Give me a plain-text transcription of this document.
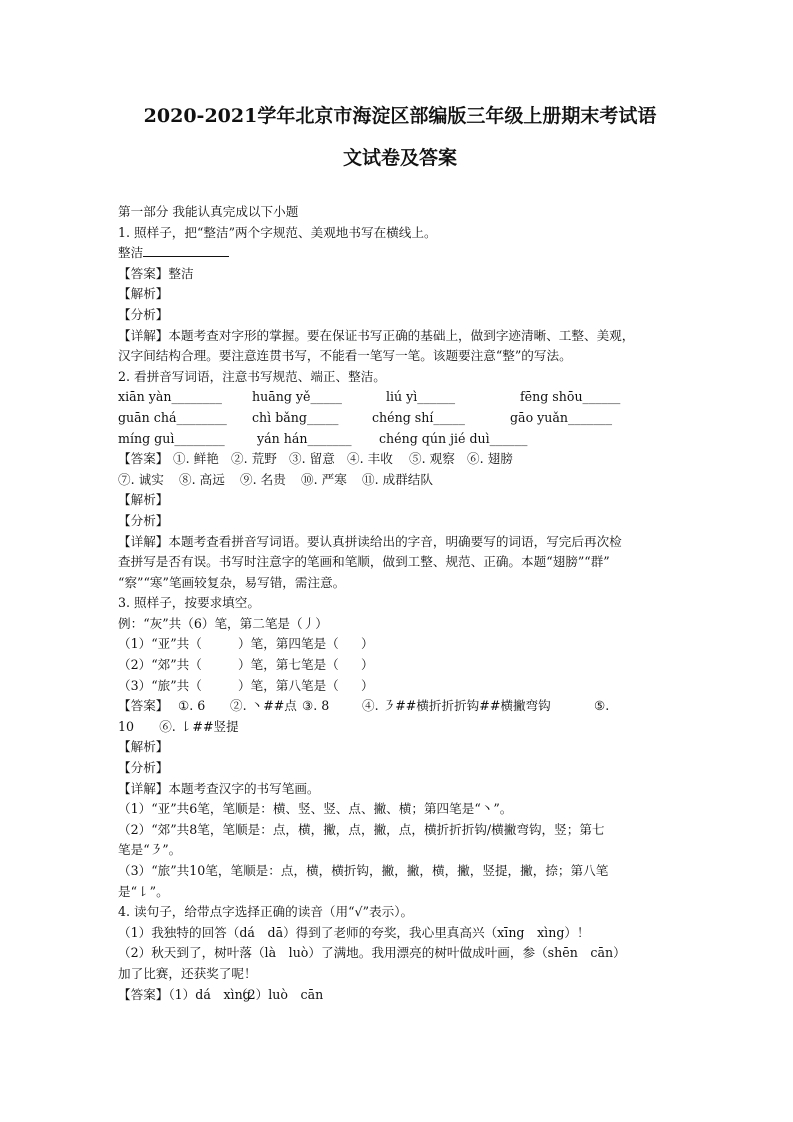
2020-2021学年北京市海淀区部编版三年级上册期末考试语
文试卷及答案
第一部分 我能认真完成以下小题
1. 照样子，把“整洁”两个字规范、美观地书写在横线上。
整洁
【答案】整洁
【解析】
【分析】
【详解】本题考查对字形的掌握。要在保证书写正确的基础上，做到字迹清晰、工整、美观，
汉字间结构合理。要注意连贯书写，不能看一笔写一笔。该题要注意“整”的写法。
2. 看拼音写词语，注意书写规范、端正、整洁。
xiān yàn________ huāng yě_____	liú yì______	fēng shōu______
guān chá________ chì bǎng_____	chéng shí_____	gāo yuǎn_______
míng guì________	yán hán_______ chéng qún jié duì______
【答案】 ①. 鲜艳 ②. 荒野 ③. 留意 ④. 丰收 ⑤. 观察 ⑥. 翅膀
⑦. 诚实 ⑧. 高远 ⑨. 名贵 ⑩. 严寒 ⑪. 成群结队
【解析】
【分析】
【详解】本题考查看拼音写词语。要认真拼读给出的字音，明确要写的词语，写完后再次检
查拼写是否有误。书写时注意字的笔画和笔顺，做到工整、规范、正确。本题“翅膀”“群”
“察”“寒”笔画较复杂，易写错，需注意。
3. 照样子，按要求填空。
例：“灰”共（6）笔，第二笔是（丿）
（1）“亚”共（	）笔，第四笔是（ ）
（2）“郊”共（	）笔，第七笔是（ ）
（3）“旅”共（	）笔，第八笔是（ ）
【答案】 ①. 6 ②. 丶##点 ③. 8	④. ㇋##横折折折钩##横撇弯钩	⑤.
10　　⑥. ㇙##竖提
【解析】
【分析】
【详解】本题考查汉字的书写笔画。
（1）“亚”共6笔，笔顺是：横、竖、竖、点、撇、横；第四笔是“丶”。
（2）“郊”共8笔，笔顺是：点，横，撇，点，撇，点，横折折折钩/横撇弯钩，竖；第七
笔是“㇋”。
（3）“旅”共10笔，笔顺是：点，横，横折钩，撇，撇，横，撇，竖提，撇，捺；第八笔
是“㇙”。
4. 读句子，给带点字选择正确的读音（用“√”表示）。
（1）我独特的回答（dá　dā）得到了老师的夸奖，我心里真高兴（xīng　xìng）！
（2）秋天到了，树叶落（là　luò）了满地。我用漂亮的树叶做成叶画，参（shēn　cān）
加了比赛，还获奖了呢！
【答案】（1）dá　xìng（2）luò　cān
